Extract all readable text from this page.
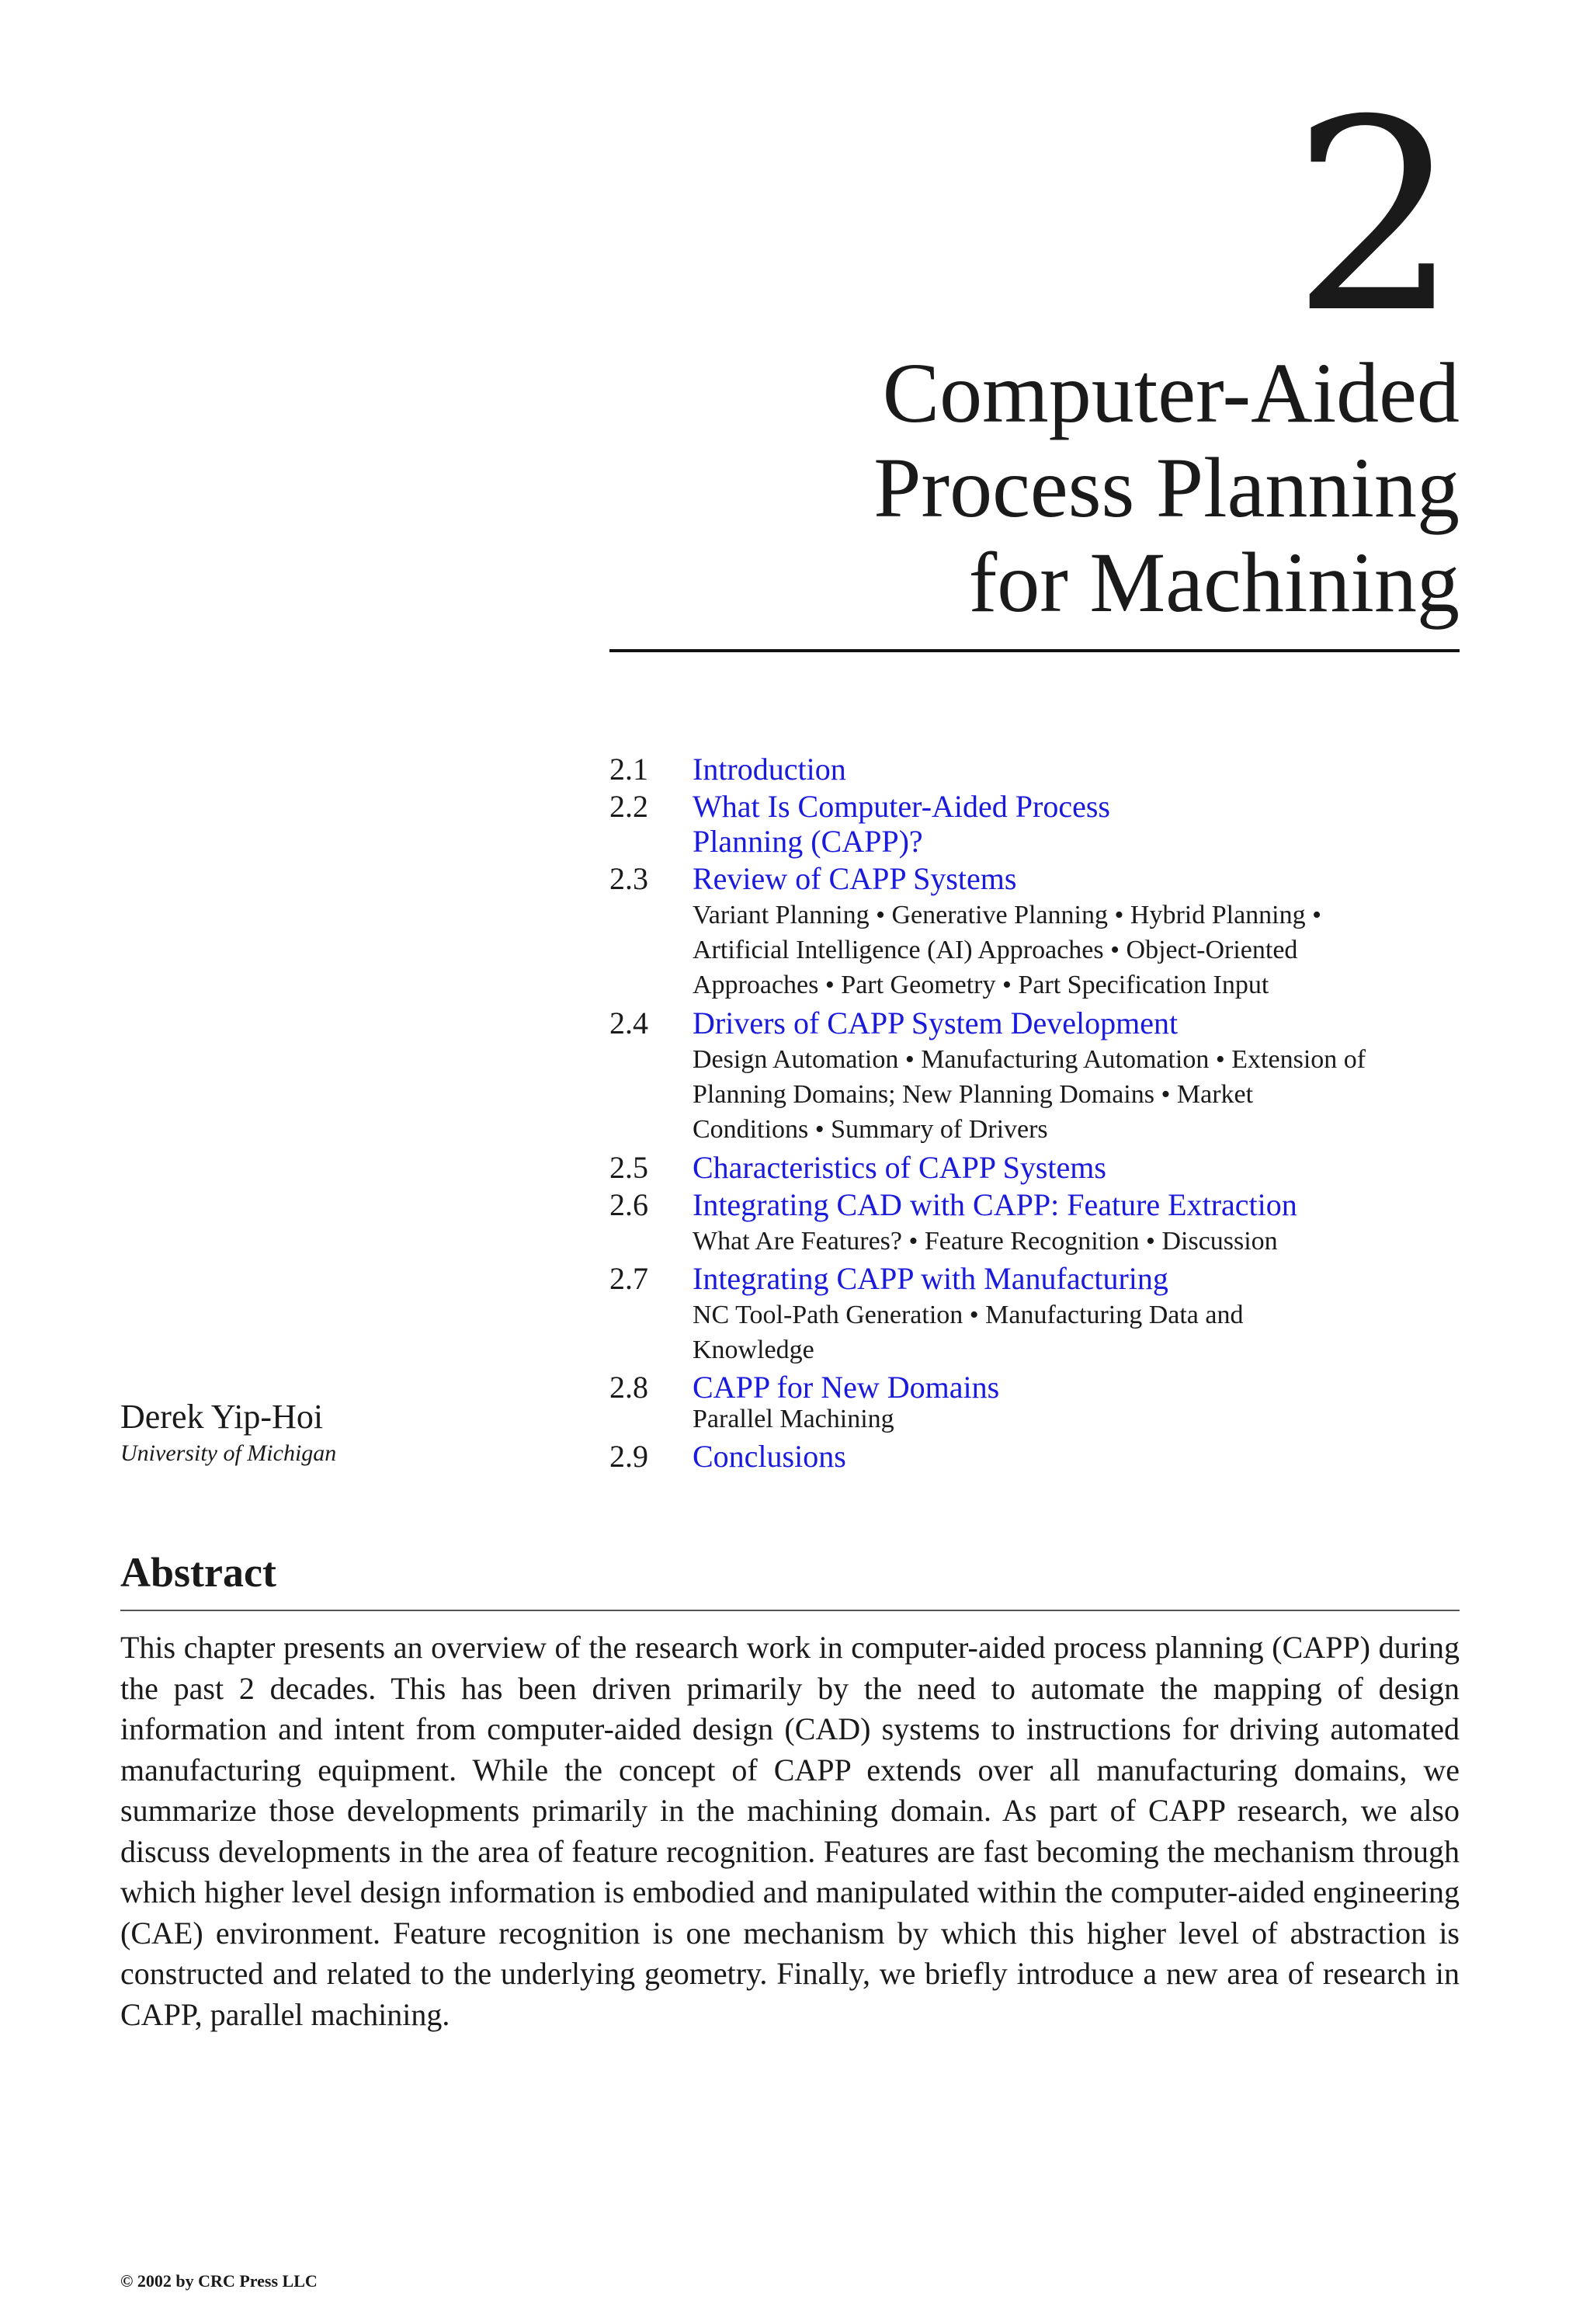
2
Computer-Aided
Process Planning
for Machining
2.1 Introduction
2.2 What Is Computer-Aided Process Planning (CAPP)?
2.3 Review of CAPP Systems
Variant Planning • Generative Planning • Hybrid Planning • Artificial Intelligence (AI) Approaches • Object-Oriented Approaches • Part Geometry • Part Specification Input
2.4 Drivers of CAPP System Development
Design Automation • Manufacturing Automation • Extension of Planning Domains; New Planning Domains • Market Conditions • Summary of Drivers
2.5 Characteristics of CAPP Systems
2.6 Integrating CAD with CAPP: Feature Extraction
What Are Features? • Feature Recognition • Discussion
2.7 Integrating CAPP with Manufacturing
NC Tool-Path Generation • Manufacturing Data and Knowledge
2.8 CAPP for New Domains
Parallel Machining
2.9 Conclusions
Derek Yip-Hoi
University of Michigan
Abstract
This chapter presents an overview of the research work in computer-aided process planning (CAPP) during the past 2 decades. This has been driven primarily by the need to automate the mapping of design information and intent from computer-aided design (CAD) systems to instructions for driving automated manufacturing equipment. While the concept of CAPP extends over all manufacturing domains, we summarize those developments primarily in the machining domain. As part of CAPP research, we also discuss developments in the area of feature recognition. Features are fast becoming the mechanism through which higher level design information is embodied and manipulated within the computer-aided engineering (CAE) environment. Feature recognition is one mechanism by which this higher level of abstraction is constructed and related to the underlying geometry. Finally, we briefly introduce a new area of research in CAPP, parallel machining.
© 2002 by CRC Press LLC
